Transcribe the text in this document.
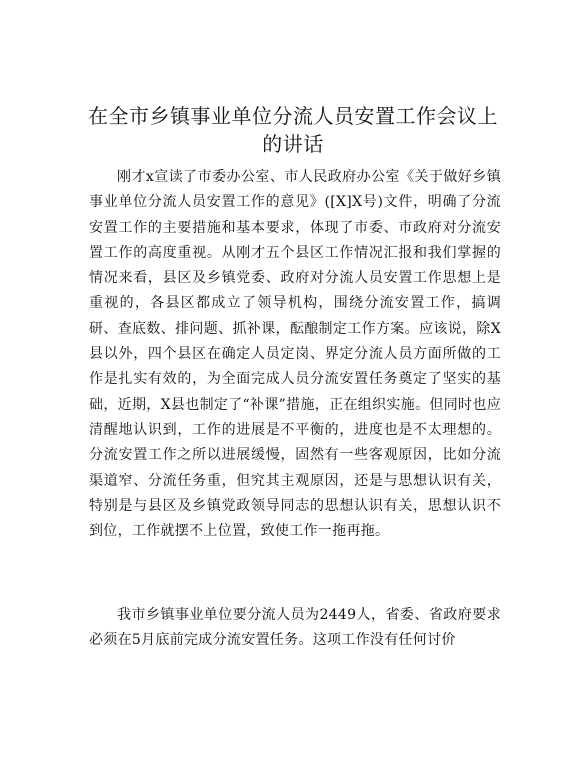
在全市乡镇事业单位分流人员安置工作会议上
的讲话

刚才x宣读了市委办公室、市人民政府办公室《关于做好乡镇事业单位分流人员安置工作的意见》([X]X号)文件，明确了分流安置工作的主要措施和基本要求，体现了市委、市政府对分流安置工作的高度重视。从刚才五个县区工作情况汇报和我们掌握的情况来看，县区及乡镇党委、政府对分流人员安置工作思想上是重视的，各县区都成立了领导机构，围绕分流安置工作，搞调研、查底数、排问题、抓补课，酝酿制定工作方案。应该说，除X县以外，四个县区在确定人员定岗、界定分流人员方面所做的工作是扎实有效的，为全面完成人员分流安置任务奠定了坚实的基础，近期，X县也制定了“补课”措施，正在组织实施。但同时也应清醒地认识到，工作的进展是不平衡的，进度也是不太理想的。分流安置工作之所以进展缓慢，固然有一些客观原因，比如分流渠道窄、分流任务重，但究其主观原因，还是与思想认识有关，特别是与县区及乡镇党政领导同志的思想认识有关，思想认识不到位，工作就摆不上位置，致使工作一拖再拖。

我市乡镇事业单位要分流人员为2449人，省委、省政府要求必须在5月底前完成分流安置任务。这项工作没有任何讨价
